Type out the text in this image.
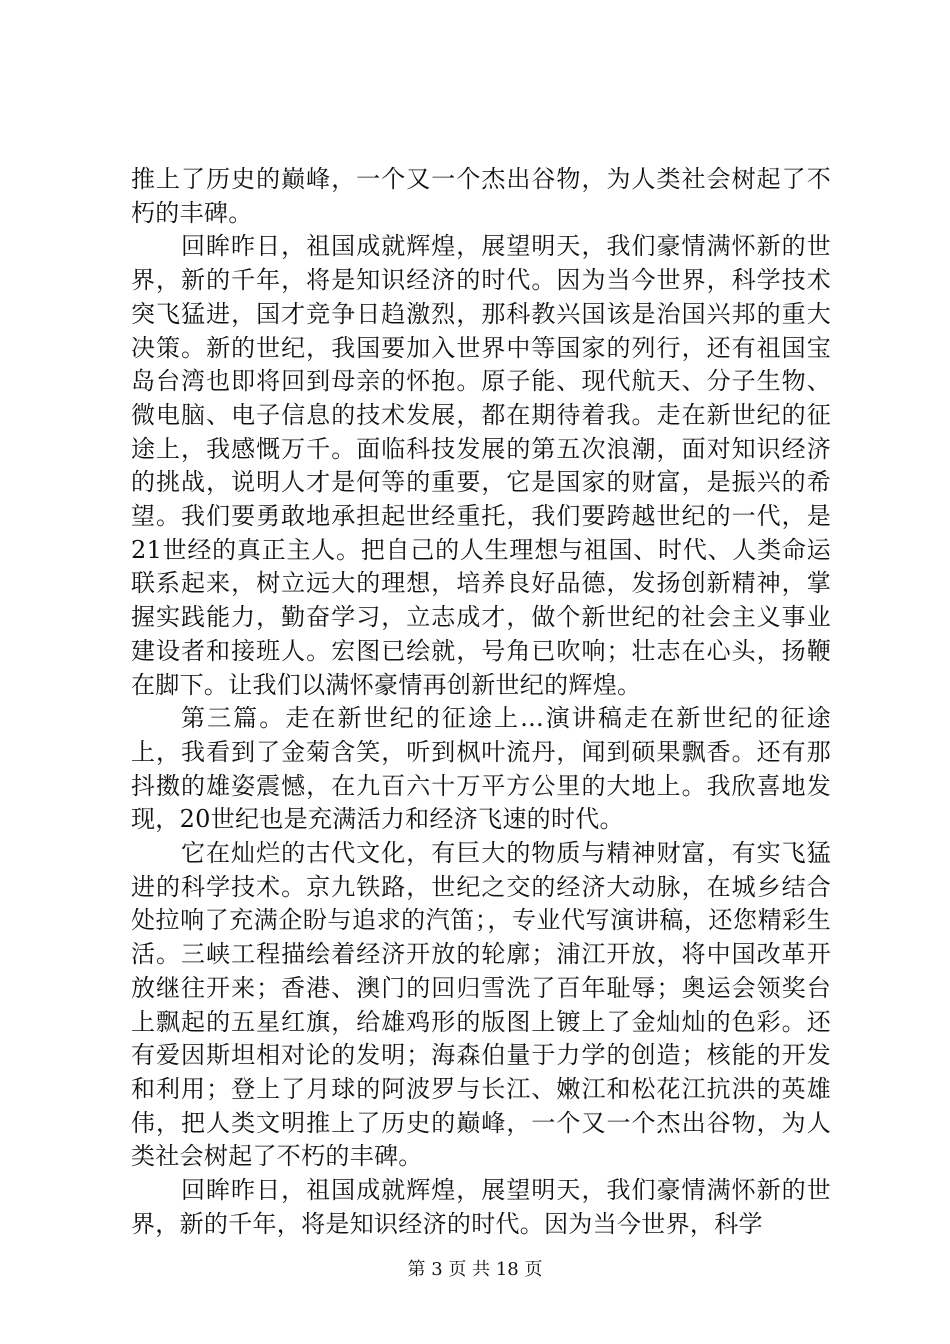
推上了历史的巅峰，一个又一个杰出谷物，为人类社会树起了不朽的丰碑。

回眸昨日，祖国成就辉煌，展望明天，我们豪情满怀新的世界，新的千年，将是知识经济的时代。因为当今世界，科学技术突飞猛进，国才竞争日趋激烈，那科教兴国该是治国兴邦的重大决策。新的世纪，我国要加入世界中等国家的列行，还有祖国宝岛台湾也即将回到母亲的怀抱。原子能、现代航天、分子生物、微电脑、电子信息的技术发展，都在期待着我。走在新世纪的征途上，我感慨万千。面临科技发展的第五次浪潮，面对知识经济的挑战，说明人才是何等的重要，它是国家的财富，是振兴的希望。我们要勇敢地承担起世经重托，我们要跨越世纪的一代，是21世经的真正主人。把自己的人生理想与祖国、时代、人类命运联系起来，树立远大的理想，培养良好品德，发扬创新精神，掌握实践能力，勤奋学习，立志成才，做个新世纪的社会主义事业建设者和接班人。宏图已绘就，号角已吹响；壮志在心头，扬鞭在脚下。让我们以满怀豪情再创新世纪的辉煌。

第三篇。走在新世纪的征途上...演讲稿走在新世纪的征途上，我看到了金菊含笑，听到枫叶流丹，闻到硕果飘香。还有那抖擞的雄姿震憾，在九百六十万平方公里的大地上。我欣喜地发现，20世纪也是充满活力和经济飞速的时代。

它在灿烂的古代文化，有巨大的物质与精神财富，有实飞猛进的科学技术。京九铁路，世纪之交的经济大动脉，在城乡结合处拉响了充满企盼与追求的汽笛；，专业代写演讲稿，还您精彩生活。三峡工程描绘着经济开放的轮廓；浦江开放，将中国改革开放继往开来；香港、澳门的回归雪洗了百年耻辱；奥运会领奖台上飘起的五星红旗，给雄鸡形的版图上镀上了金灿灿的色彩。还有爱因斯坦相对论的发明；海森伯量于力学的创造；核能的开发和利用；登上了月球的阿波罗与长江、嫩江和松花江抗洪的英雄伟，把人类文明推上了历史的巅峰，一个又一个杰出谷物，为人类社会树起了不朽的丰碑。

回眸昨日，祖国成就辉煌，展望明天，我们豪情满怀新的世界，新的千年，将是知识经济的时代。因为当今世界，科学

第 3 页 共 18 页
